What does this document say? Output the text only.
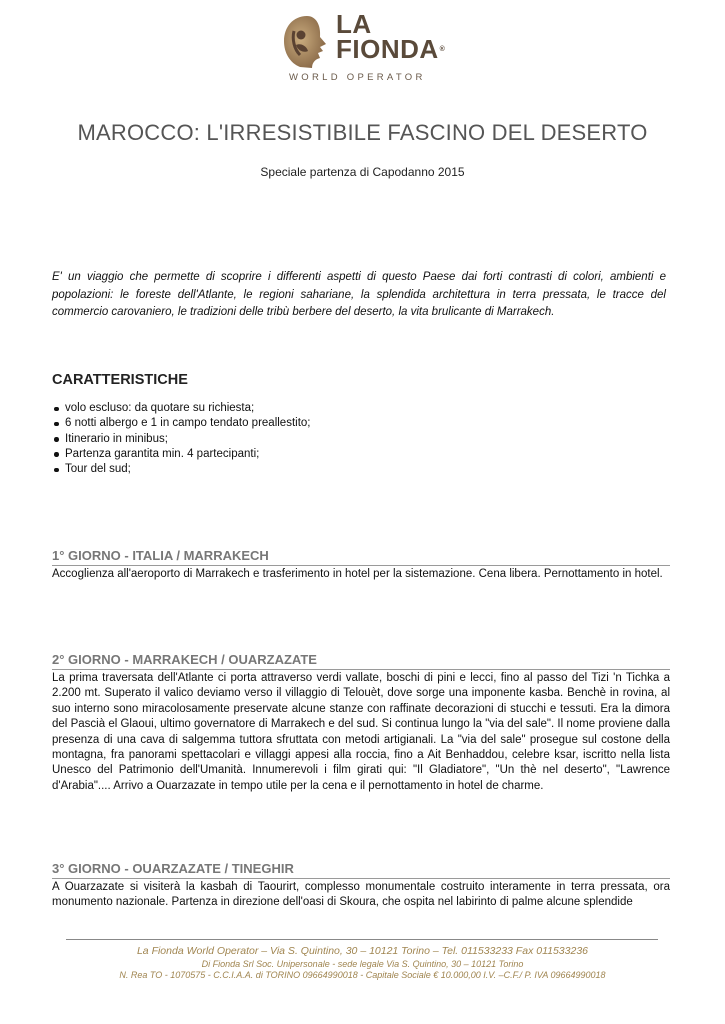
LA
FIONDA®
WORLD OPERATOR
MAROCCO: L'IRRESISTIBILE FASCINO DEL DESERTO
Speciale partenza di Capodanno 2015

E' un viaggio che permette di scoprire i differenti aspetti di questo Paese dai forti contrasti di colori, ambienti e popolazioni: le foreste dell'Atlante, le regioni sahariane, la splendida architettura in terra pressata, le tracce del commercio carovaniero, le tradizioni delle tribù berbere del deserto, la vita brulicante di Marrakech.

CARATTERISTICHE
volo escluso: da quotare su richiesta;
6 notti albergo e 1 in campo tendato preallestito;
Itinerario in minibus;
Partenza garantita min. 4 partecipanti;
Tour del sud;
1° GIORNO - ITALIA / MARRAKECH

Accoglienza all'aeroporto di Marrakech e trasferimento in hotel per la sistemazione. Cena libera. Pernottamento in hotel.

2° GIORNO - MARRAKECH / OUARZAZATE

La prima traversata dell'Atlante ci porta attraverso verdi vallate, boschi di pini e lecci, fino al passo del Tizi 'n Tichka a 2.200 mt. Superato il valico deviamo verso il villaggio di Telouèt, dove sorge una imponente kasba. Benchè in rovina, al suo interno sono miracolosamente preservate alcune stanze con raffinate decorazioni di stucchi e tessuti. Era la dimora del Pascià el Glaoui, ultimo governatore di Marrakech e del sud. Si continua lungo la "via del sale". Il nome proviene dalla presenza di una cava di salgemma tuttora sfruttata con metodi artigianali. La "via del sale" prosegue sul costone della montagna, fra panorami spettacolari e villaggi appesi alla roccia, fino a Ait Benhaddou, celebre ksar, iscritto nella lista Unesco del Patrimonio dell'Umanità. Innumerevoli i film girati qui: "Il Gladiatore", "Un thè nel deserto", "Lawrence d'Arabia".... Arrivo a Ouarzazate in tempo utile per la cena e il pernottamento in hotel de charme.

3° GIORNO - OUARZAZATE / TINEGHIR

A Ouarzazate si visiterà la kasbah di Taourirt, complesso monumentale costruito interamente in terra pressata, ora monumento nazionale. Partenza in direzione dell'oasi di Skoura, che ospita nel labirinto di palme alcune splendide

La Fionda World Operator – Via S. Quintino, 30 – 10121 Torino – Tel. 011533233 Fax 011533236
Di Fionda Srl Soc. Unipersonale - sede legale Via S. Quintino, 30 – 10121 Torino
N. Rea TO - 1070575 - C.C.I.A.A. di TORINO 09664990018 - Capitale Sociale € 10.000,00 I.V. –C.F./ P. IVA 09664990018
